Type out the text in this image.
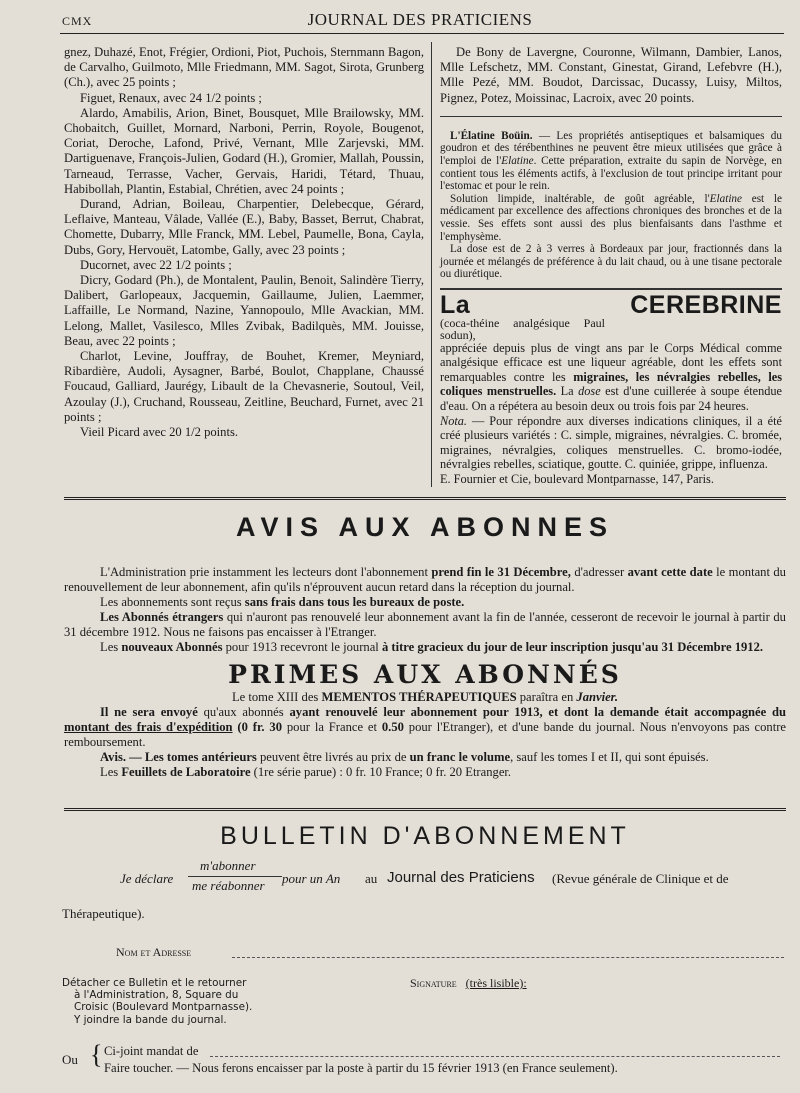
CMX	JOURNAL DES PRATICIENS

gnez, Duhazé, Enot, Frégier, Ordioni, Piot, Puchois, Sternmann Bagon, de Carvalho, Guilmoto, Mlle Friedmann, MM. Sagot, Sirota, Grunberg (Ch.), avec 25 points ;

Figuet, Renaux, avec 24 1/2 points ;

Alardo, Amabilis, Arion, Binet, Bousquet, Mlle Brailowsky, MM. Chobaitch, Guillet, Mornard, Narboni, Perrin, Royole, Bougenot, Coriat, Deroche, Lafond, Privé, Vernant, Mlle Zarjevski, MM. Dartiguenave, François-Julien, Godard (H.), Gromier, Mallah, Poussin, Tarneaud, Terrasse, Vacher, Gervais, Haridi, Tétard, Thuau, Habibollah, Plantin, Estabial, Chrétien, avec 24 points ;

Durand, Adrian, Boileau, Charpentier, Delebecque, Gérard, Leflaive, Manteau, Vâlade, Vallée (E.), Baby, Basset, Berrut, Chabrat, Chomette, Dubarry, Mlle Franck, MM. Lebel, Paumelle, Bona, Cayla, Dubs, Gory, Hervouët, Latombe, Gally, avec 23 points ;

Ducornet, avec 22 1/2 points ;

Dicry, Godard (Ph.), de Montalent, Paulin, Benoit, Salindère Tierry, Dalibert, Garlopeaux, Jacquemin, Gaillaume, Julien, Laemmer, Laffaille, Le Normand, Nazine, Yannopoulo, Mlle Avackian, MM. Lelong, Mallet, Vasilesco, Mlles Zvibak, Badilquès, MM. Jouisse, Beau, avec 22 points ;

Charlot, Levine, Jouffray, de Bouhet, Kremer, Meyniard, Ribardière, Audoli, Aysagner, Barbé, Boulot, Chapplane, Chaussé Foucaud, Galliard, Jaurégy, Libault de la Chevasnerie, Soutoul, Veil, Azoulay (J.), Cruchand, Rousseau, Zeitline, Beuchard, Furnet, avec 21 points ;

Vieil Picard avec 20 1/2 points.

De Bony de Lavergne, Couronne, Wilmann, Dambier, Lanos, Mlle Lefschetz, MM. Constant, Ginestat, Girand, Lefebvre (H.), Mlle Pezé, MM. Boudot, Darcissac, Ducassy, Luisy, Miltos, Pignez, Potez, Moissinac, Lacroix, avec 20 points.

L'Élatine Boüin. — Les propriétés antiseptiques et balsamiques du goudron et des térébenthines ne peuvent être mieux utilisées que grâce à l'emploi de l'Elatine. Cette préparation, extraite du sapin de Norvège, en contient tous les éléments actifs, à l'exclusion de tout principe irritant pour l'estomac et pour le rein.

Solution limpide, inaltérable, de goût agréable, l'Elatine est le médicament par excellence des affections chroniques des bronches et de la vessie. Ses effets sont aussi des plus bienfaisants dans l'asthme et l'emphysème.

La dose est de 2 à 3 verres à Bordeaux par jour, fractionnés dans la journée et mélangés de préférence à du lait chaud, ou à une tisane pectorale ou diurétique.

La CEREBRINE (coca-théine analgésique Paul sodun),

appréciée depuis plus de vingt ans par le Corps Médical comme analgésique efficace est une liqueur agréable, dont les effets sont remarquables contre les migraines, les névralgies rebelles, les coliques menstruelles. La dose est d'une cuillerée à soupe étendue d'eau. On a répétera au besoin deux ou trois fois par 24 heures.

Nota. — Pour répondre aux diverses indications cliniques, il a été créé plusieurs variétés : C. simple, migraines, névralgies. C. bromée, migraines, névralgies, coliques menstruelles. C. bromo-iodée, névralgies rebelles, sciatique, goutte. C. quiniée, grippe, influenza.

E. Fournier et Cie, boulevard Montparnasse, 147, Paris.

AVIS AUX ABONNES

L'Administration prie instamment les lecteurs dont l'abonnement prend fin le 31 Décembre, d'adresser avant cette date le montant du renouvellement de leur abonnement, afin qu'ils n'éprouvent aucun retard dans la réception du journal.

Les abonnements sont reçus sans frais dans tous les bureaux de poste.

Les Abonnés étrangers qui n'auront pas renouvelé leur abonnement avant la fin de l'année, cesseront de recevoir le journal à partir du 31 décembre 1912. Nous ne faisons pas encaisser à l'Etranger.

Les nouveaux Abonnés pour 1913 recevront le journal à titre gracieux du jour de leur inscription jusqu'au 31 Décembre 1912.

PRIMES AUX ABONNÉS

Le tome XIII des MEMENTOS THÉRAPEUTIQUES paraîtra en Janvier.

Il ne sera envoyé qu'aux abonnés ayant renouvelé leur abonnement pour 1913, et dont la demande était accompagnée du montant des frais d'expédition (0 fr. 30 pour la France et 0.50 pour l'Etranger), et d'une bande du journal. Nous n'envoyons pas contre remboursement.

Avis. — Les tomes antérieurs peuvent être livrés au prix de un franc le volume, sauf les tomes I et II, qui sont épuisés.

Les Feuillets de Laboratoire (1re série parue) : 0 fr. 10 France; 0 fr. 20 Etranger.

BULLETIN D'ABONNEMENT
Je déclare
m'abonner
me réabonner pour un An au Journal des Praticiens (Revue générale de Clinique et de
Thérapeutique).
Nom et Adresse
Détacher ce Bulletin et le retourner
à l'Administration, 8, Square du
Croisic (Boulevard Montparnasse).
Y joindre la bande du journal.
Signature (très lisible):
Ou { Ci-joint mandat de
Faire toucher. — Nous ferons encaisser par la poste à partir du 15 février 1913 (en France seulement).
